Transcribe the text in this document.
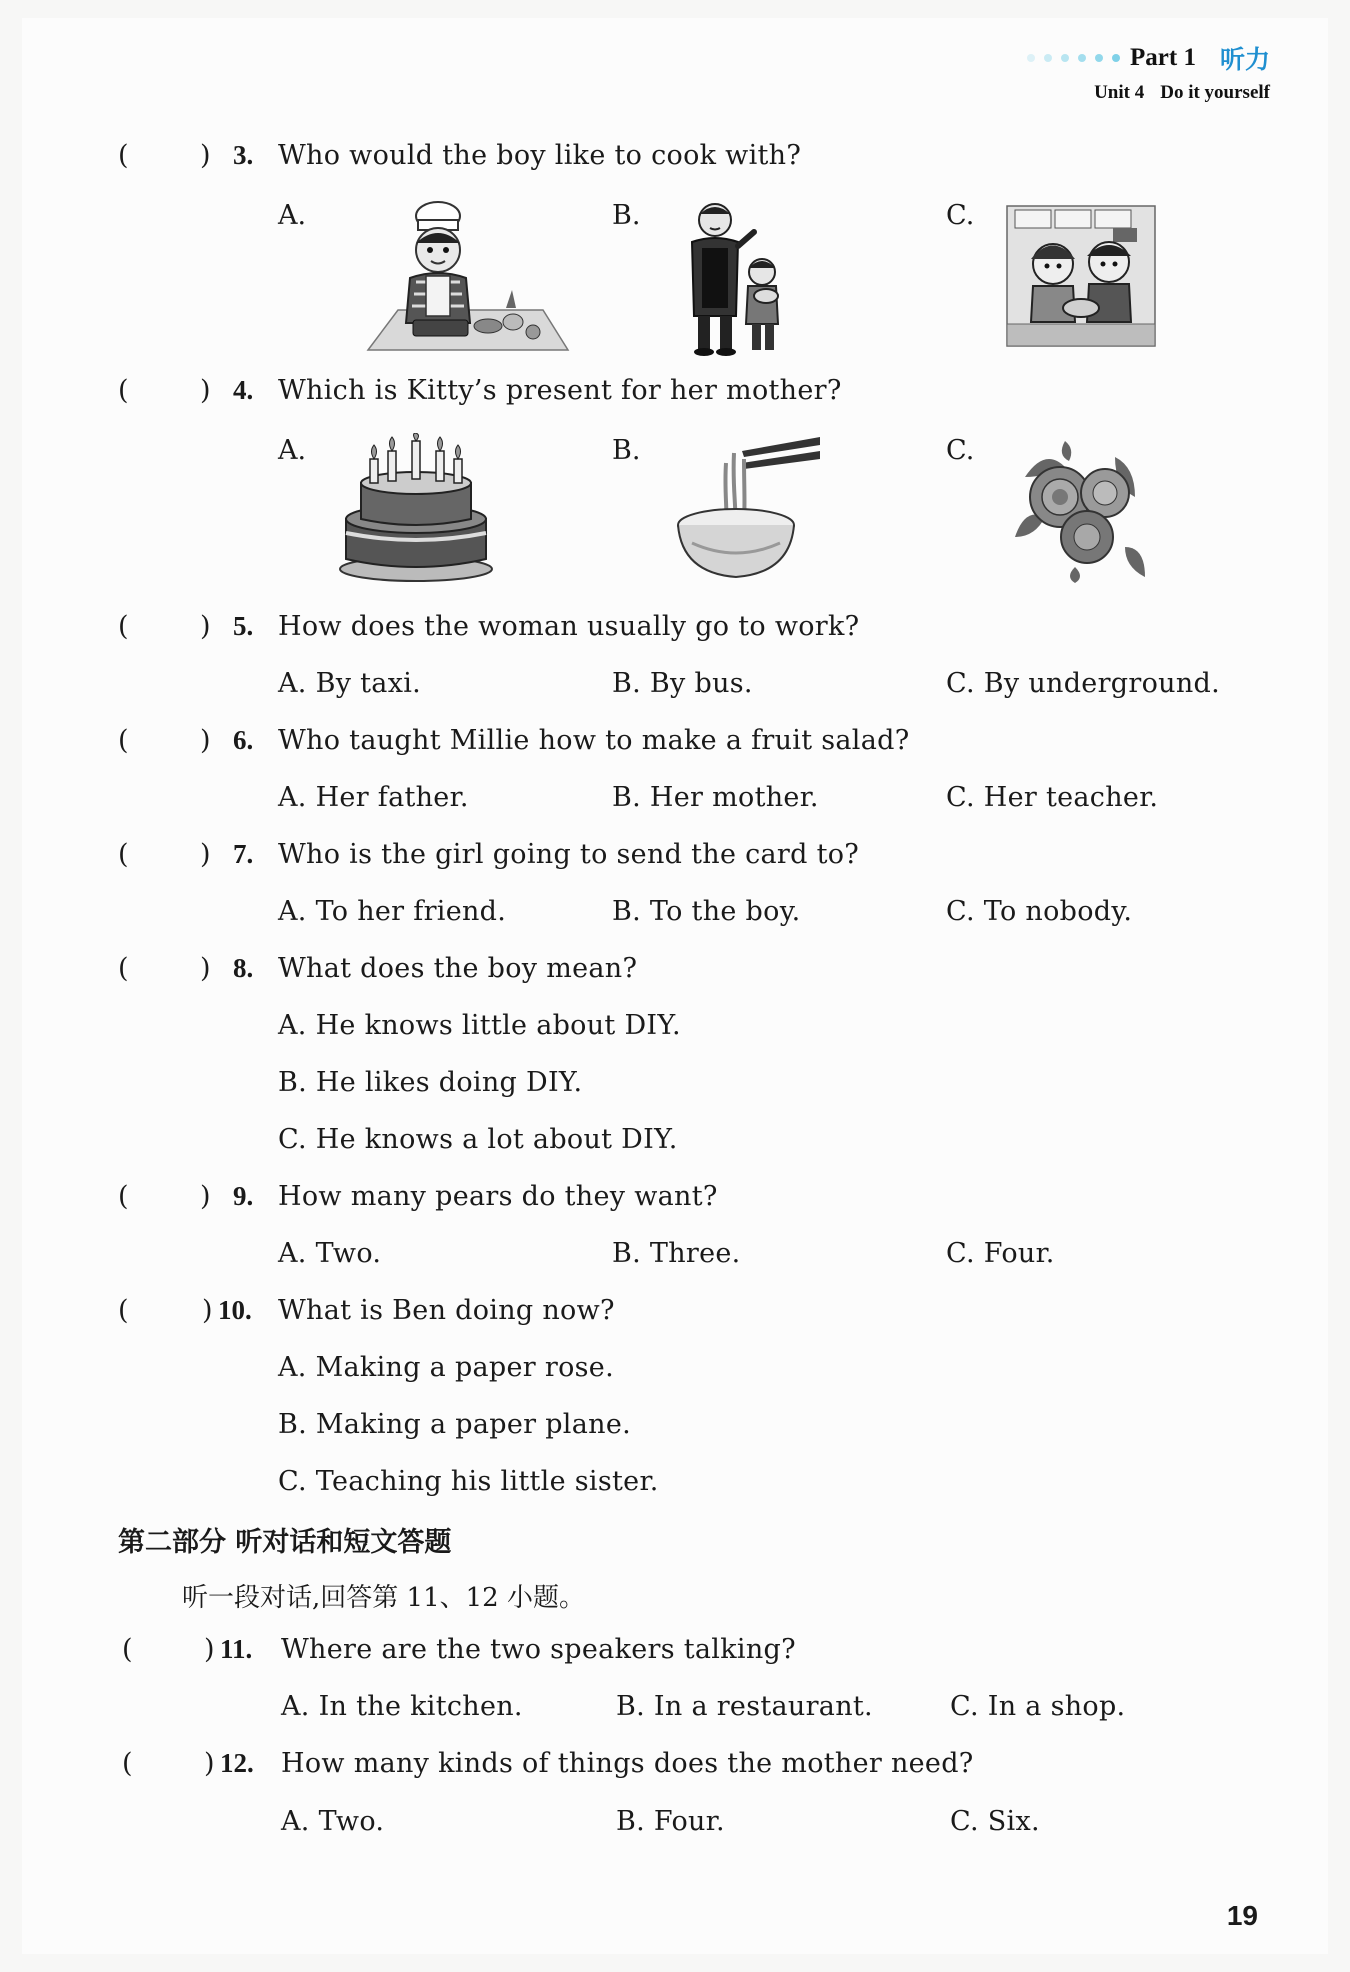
Part 1 听力
Unit 4 Do it yourself
(	) 3. Who would the boy like to cook with?
A.	B.	C.
(	) 4. Which is Kitty’s present for her mother?
A.	B.	C.
(	) 5. How does the woman usually go to work?
A. By taxi.	B. By bus.	C. By underground.
(	) 6. Who taught Millie how to make a fruit salad?
A. Her father.	B. Her mother.	C. Her teacher.
(	) 7. Who is the girl going to send the card to?
A. To her friend.	B. To the boy.	C. To nobody.
(	) 8. What does the boy mean?
A. He knows little about DIY.
B. He likes doing DIY.
C. He knows a lot about DIY.
(	) 9. How many pears do they want?
A. Two.	B. Three.	C. Four.
(	) 10. What is Ben doing now?
A. Making a paper rose.
B. Making a paper plane.
C. Teaching his little sister.
第二部分 听对话和短文答题
听一段对话,回答第 11、12 小题。
(	) 11. Where are the two speakers talking?
A. In the kitchen.	B. In a restaurant.	C. In a shop.
(	) 12. How many kinds of things does the mother need?
A. Two.	B. Four.	C. Six.
19
